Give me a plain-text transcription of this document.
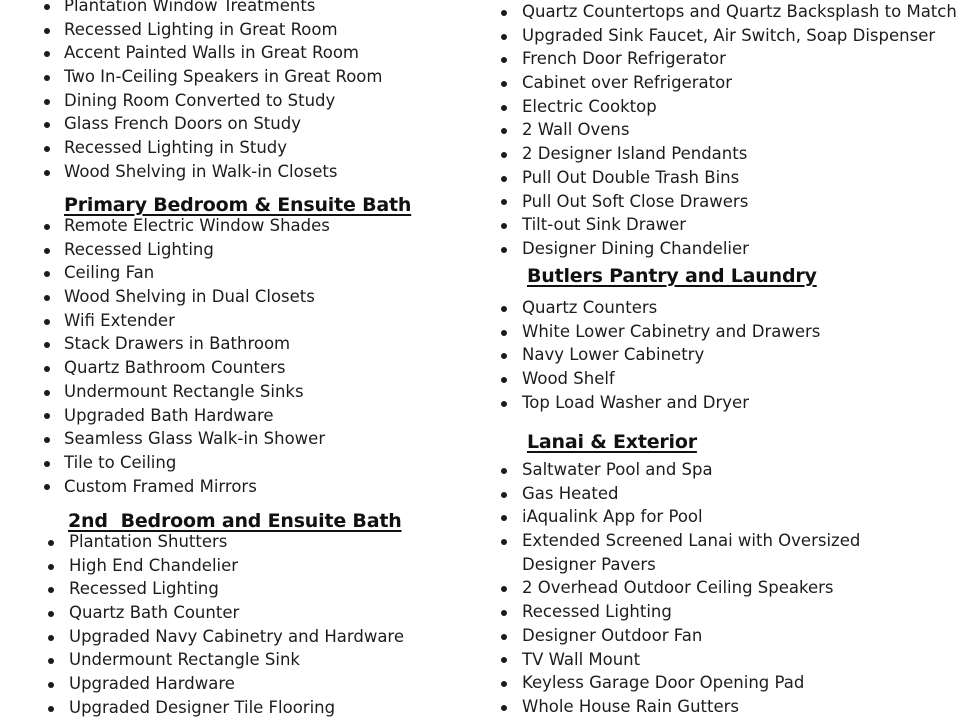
Plantation Window Treatments
Recessed Lighting in Great Room
Accent Painted Walls in Great Room
Two In-Ceiling Speakers in Great Room
Dining Room Converted to Study
Glass French Doors on Study
Recessed Lighting in Study
Wood Shelving in Walk-in Closets
Primary Bedroom & Ensuite Bath
Remote Electric Window Shades
Recessed Lighting
Ceiling Fan
Wood Shelving in Dual Closets
Wifi Extender
Stack Drawers in Bathroom
Quartz Bathroom Counters
Undermount Rectangle Sinks
Upgraded Bath Hardware
Seamless Glass Walk-in Shower
Tile to Ceiling
Custom Framed Mirrors
2nd  Bedroom and Ensuite Bath
Plantation Shutters
High End Chandelier
Recessed Lighting
Quartz Bath Counter
Upgraded Navy Cabinetry and Hardware
Undermount Rectangle Sink
Upgraded Hardware
Upgraded Designer Tile Flooring
Quartz Countertops and Quartz Backsplash to Match
Upgraded Sink Faucet, Air Switch, Soap Dispenser
French Door Refrigerator
Cabinet over Refrigerator
Electric Cooktop
2 Wall Ovens
2 Designer Island Pendants
Pull Out Double Trash Bins
Pull Out Soft Close Drawers
Tilt-out Sink Drawer
Designer Dining Chandelier
Butlers Pantry and Laundry
Quartz Counters
White Lower Cabinetry and Drawers
Navy Lower Cabinetry
Wood Shelf
Top Load Washer and Dryer
Lanai & Exterior
Saltwater Pool and Spa
Gas Heated
iAqualink App for Pool
Extended Screened Lanai with Oversized Designer Pavers
2 Overhead Outdoor Ceiling Speakers
Recessed Lighting
Designer Outdoor Fan
TV Wall Mount
Keyless Garage Door Opening Pad
Whole House Rain Gutters
